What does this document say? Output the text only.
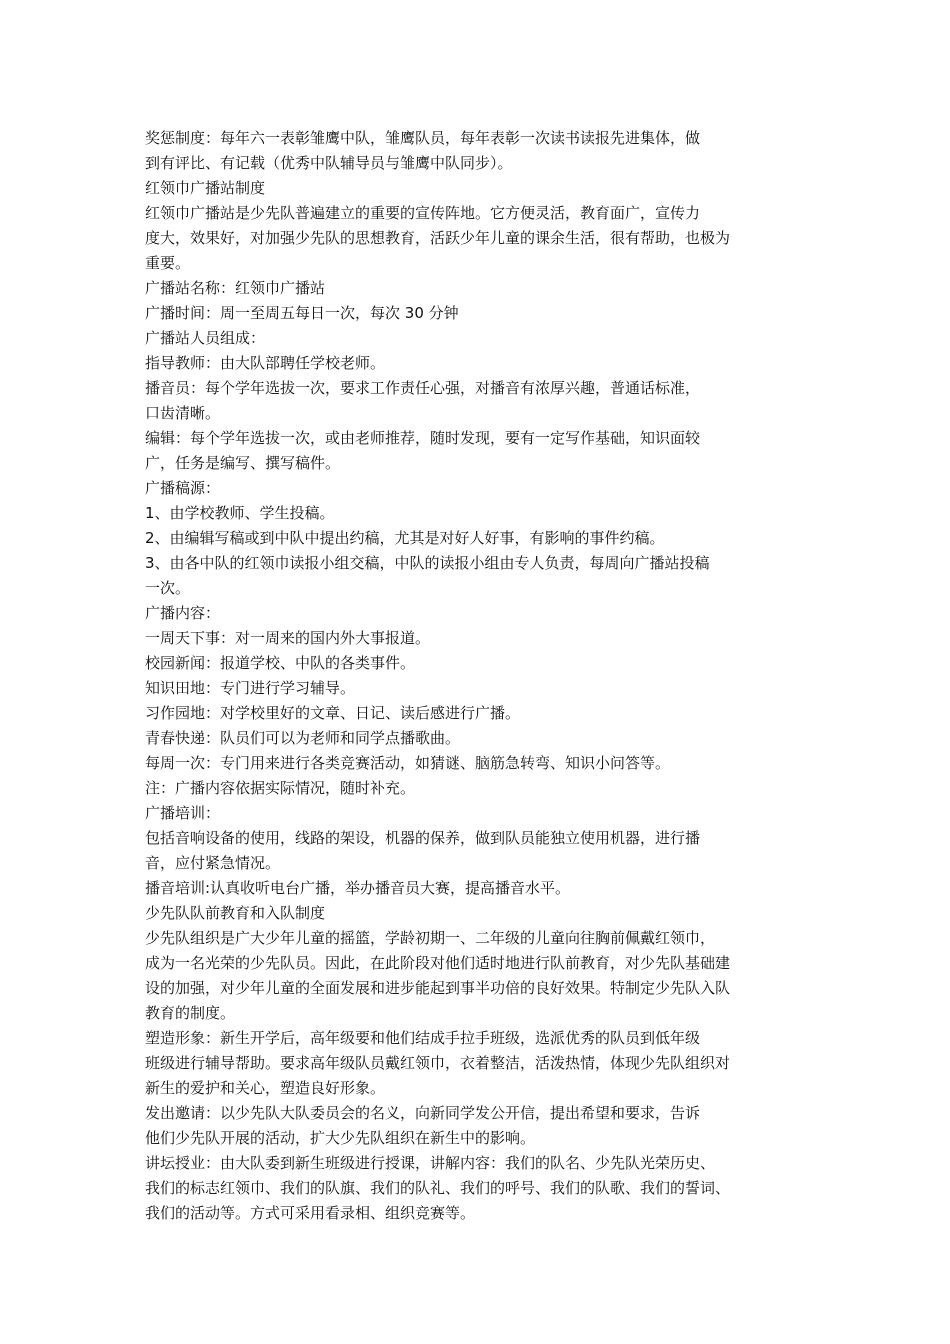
奖惩制度：每年六一表彰雏鹰中队，雏鹰队员，每年表彰一次读书读报先进集体，做
到有评比、有记载（优秀中队辅导员与雏鹰中队同步）。
红领巾广播站制度
红领巾广播站是少先队普遍建立的重要的宣传阵地。它方便灵活，教育面广，宣传力
度大，效果好，对加强少先队的思想教育，活跃少年儿童的课余生活，很有帮助，也极为
重要。
广播站名称：红领巾广播站
广播时间：周一至周五每日一次，每次 30 分钟
广播站人员组成：
指导教师：由大队部聘任学校老师。
播音员：每个学年选拔一次，要求工作责任心强，对播音有浓厚兴趣，普通话标准，
口齿清晰。
编辑：每个学年选拔一次，或由老师推荐，随时发现，要有一定写作基础，知识面较
广，任务是编写、撰写稿件。
广播稿源：
1、由学校教师、学生投稿。
2、由编辑写稿或到中队中提出约稿，尤其是对好人好事，有影响的事件约稿。
3、由各中队的红领巾读报小组交稿，中队的读报小组由专人负责，每周向广播站投稿
一次。
广播内容：
一周天下事：对一周来的国内外大事报道。
校园新闻：报道学校、中队的各类事件。
知识田地：专门进行学习辅导。
习作园地：对学校里好的文章、日记、读后感进行广播。
青春快递：队员们可以为老师和同学点播歌曲。
每周一次：专门用来进行各类竞赛活动，如猜谜、脑筋急转弯、知识小问答等。
注：广播内容依据实际情况，随时补充。
广播培训：
包括音响设备的使用，线路的架设，机器的保养，做到队员能独立使用机器，进行播
音，应付紧急情况。
播音培训:认真收听电台广播，举办播音员大赛，提高播音水平。
少先队队前教育和入队制度
少先队组织是广大少年儿童的摇篮，学龄初期一、二年级的儿童向往胸前佩戴红领巾，
成为一名光荣的少先队员。因此，在此阶段对他们适时地进行队前教育，对少先队基础建
设的加强，对少年儿童的全面发展和进步能起到事半功倍的良好效果。特制定少先队入队
教育的制度。
塑造形象：新生开学后，高年级要和他们结成手拉手班级，选派优秀的队员到低年级
班级进行辅导帮助。要求高年级队员戴红领巾，衣着整洁，活泼热情，体现少先队组织对
新生的爱护和关心，塑造良好形象。
发出邀请：以少先队大队委员会的名义，向新同学发公开信，提出希望和要求，告诉
他们少先队开展的活动，扩大少先队组织在新生中的影响。
讲坛授业：由大队委到新生班级进行授课，讲解内容：我们的队名、少先队光荣历史、
我们的标志红领巾、我们的队旗、我们的队礼、我们的呼号、我们的队歌、我们的誓词、
我们的活动等。方式可采用看录相、组织竞赛等。
